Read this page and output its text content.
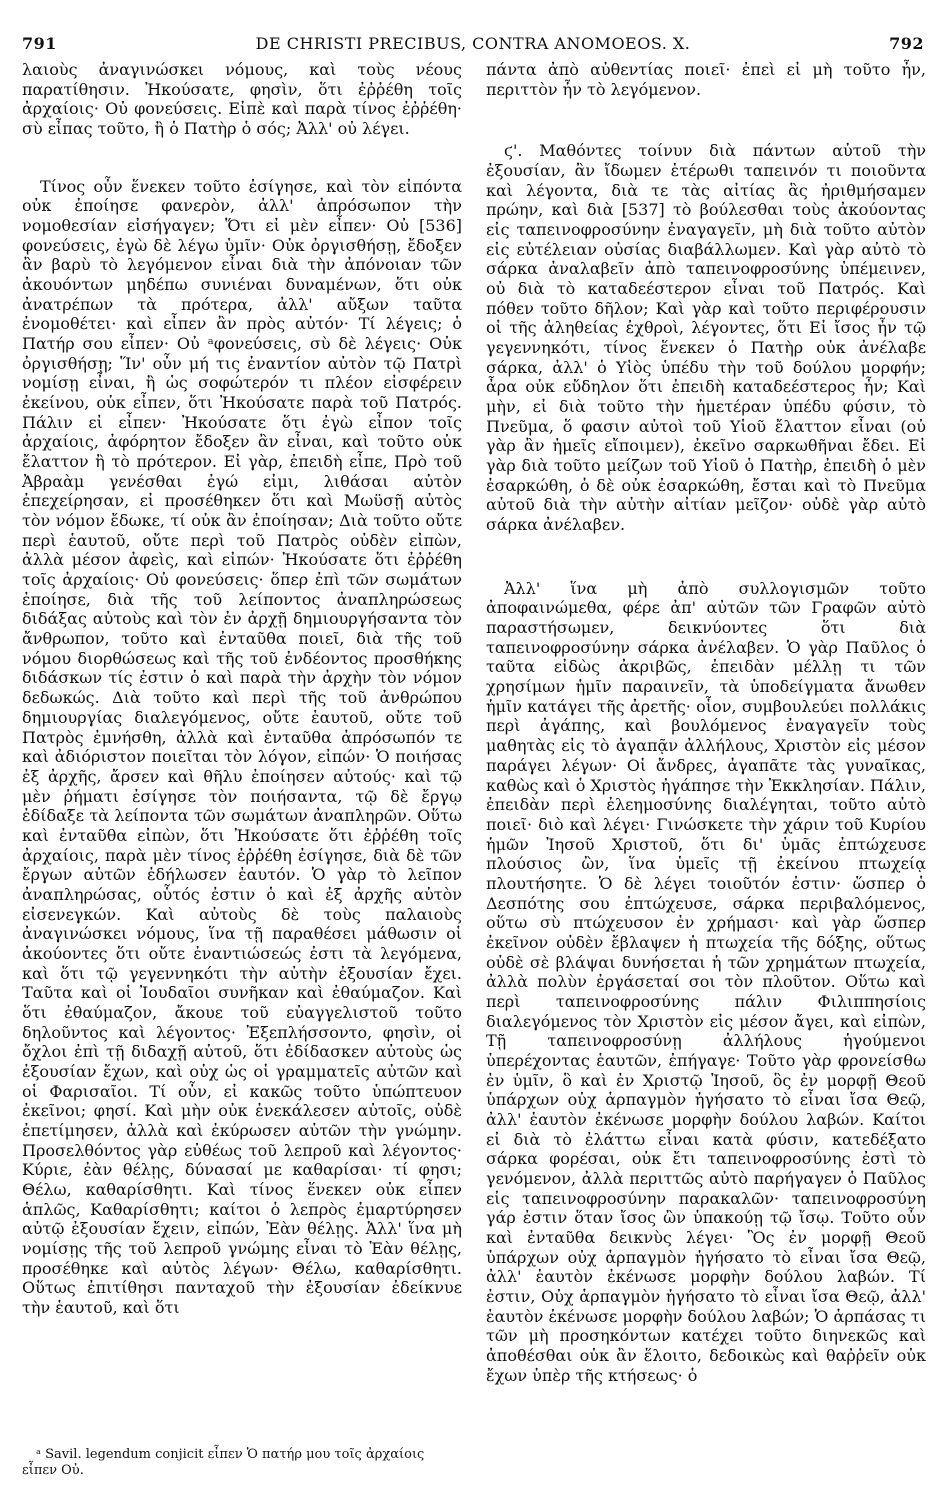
791	DE CHRISTI PRECIBUS, CONTRA ANOMOEOS. X.	792

λαιοὺς ἀναγινώσκει νόμους, καὶ τοὺς νέους παρατίθησιν. Ἠκούσατε, φησὶν, ὅτι ἐῤῥέθη τοῖς ἀρχαίοις· Οὐ φονεύσεις. Εἰπὲ καὶ παρὰ τίνος ἐῤῥέθη· σὺ εἶπας τοῦτο, ἢ ὁ Πατὴρ ὁ σός; Ἀλλ' οὐ λέγει.

Τίνος οὖν ἕνεκεν τοῦτο ἐσίγησε, καὶ τὸν εἰπόντα οὐκ ἐποίησε φανερὸν, ἀλλ' ἀπρόσωπον τὴν νομοθεσίαν εἰσήγαγεν; Ὅτι εἰ μὲν εἶπεν· Οὐ [536] φονεύσεις, ἐγὼ δὲ λέγω ὑμῖν· Οὐκ ὀργισθήσῃ, ἔδοξεν ἂν βαρὺ τὸ λεγόμενον εἶναι διὰ τὴν ἀπόνοιαν τῶν ἀκουόντων μηδέπω συνιέναι δυναμένων, ὅτι οὐκ ἀνατρέπων τὰ πρότερα, ἀλλ' αὔξων ταῦτα ἐνομοθέτει· καὶ εἶπεν ἂν πρὸς αὐτόν· Τί λέγεις; ὁ Πατήρ σου εἶπεν· Οὐ ᵃφονεύσεις, σὺ δὲ λέγεις· Οὐκ ὀργισθήσῃ; Ἵν' οὖν μή τις ἐναντίον αὐτὸν τῷ Πατρὶ νομίσῃ εἶναι, ἢ ὡς σοφώτερόν τι πλέον εἰσφέρειν ἐκείνου, οὐκ εἶπεν, ὅτι Ἠκούσατε παρὰ τοῦ Πατρός. Πάλιν εἰ εἶπεν· Ἠκούσατε ὅτι ἐγὼ εἶπον τοῖς ἀρχαίοις, ἀφόρητον ἔδοξεν ἂν εἶναι, καὶ τοῦτο οὐκ ἔλαττον ἢ τὸ πρότερον. Εἰ γὰρ, ἐπειδὴ εἶπε, Πρὸ τοῦ Ἀβραὰμ γενέσθαι ἐγώ εἰμι, λιθάσαι αὐτὸν ἐπεχείρησαν, εἰ προσέθηκεν ὅτι καὶ Μωϋσῇ αὐτὸς τὸν νόμον ἔδωκε, τί οὐκ ἂν ἐποίησαν; Διὰ τοῦτο οὔτε περὶ ἑαυτοῦ, οὔτε περὶ τοῦ Πατρὸς οὐδὲν εἰπὼν, ἀλλὰ μέσον ἀφεὶς, καὶ εἰπών· Ἠκούσατε ὅτι ἐῤῥέθη τοῖς ἀρχαίοις· Οὐ φονεύσεις· ὅπερ ἐπὶ τῶν σωμάτων ἐποίησε, διὰ τῆς τοῦ λείποντος ἀναπληρώσεως διδάξας αὐτοὺς καὶ τὸν ἐν ἀρχῇ δημιουργήσαντα τὸν ἄνθρωπον, τοῦτο καὶ ἐνταῦθα ποιεῖ, διὰ τῆς τοῦ νόμου διορθώσεως καὶ τῆς τοῦ ἐνδέοντος προσθήκης διδάσκων τίς ἐστιν ὁ καὶ παρὰ τὴν ἀρχὴν τὸν νόμον δεδωκώς. Διὰ τοῦτο καὶ περὶ τῆς τοῦ ἀνθρώπου δημιουργίας διαλεγόμενος, οὔτε ἑαυτοῦ, οὔτε τοῦ Πατρὸς ἐμνήσθη, ἀλλὰ καὶ ἐνταῦθα ἀπρόσωπόν τε καὶ ἀδιόριστον ποιεῖται τὸν λόγον, εἰπών· Ὁ ποιήσας ἐξ ἀρχῆς, ἄρσεν καὶ θῆλυ ἐποίησεν αὐτούς· καὶ τῷ μὲν ῥήματι ἐσίγησε τὸν ποιήσαντα, τῷ δὲ ἔργῳ ἐδίδαξε τὰ λείποντα τῶν σωμάτων ἀναπληρῶν. Οὕτω καὶ ἐνταῦθα εἰπὼν, ὅτι Ἠκούσατε ὅτι ἐῤῥέθη τοῖς ἀρχαίοις, παρὰ μὲν τίνος ἐῤῥέθη ἐσίγησε, διὰ δὲ τῶν ἔργων αὐτῶν ἐδήλωσεν ἑαυτόν. Ὁ γὰρ τὸ λεῖπον ἀναπληρώσας, οὗτός ἐστιν ὁ καὶ ἐξ ἀρχῆς αὐτὸν εἰσενεγκών. Καὶ αὐτοὺς δὲ τοὺς παλαιοὺς ἀναγινώσκει νόμους, ἵνα τῇ παραθέσει μάθωσιν οἱ ἀκούοντες ὅτι οὔτε ἐναντιώσεώς ἐστι τὰ λεγόμενα, καὶ ὅτι τῷ γεγεννηκότι τὴν αὐτὴν ἐξουσίαν ἔχει. Ταῦτα καὶ οἱ Ἰουδαῖοι συνῆκαν καὶ ἐθαύμαζον. Καὶ ὅτι ἐθαύμαζον, ἄκουε τοῦ εὐαγγελιστοῦ τοῦτο δηλοῦντος καὶ λέγοντος· Ἐξεπλήσσοντο, φησὶν, οἱ ὄχλοι ἐπὶ τῇ διδαχῇ αὐτοῦ, ὅτι ἐδίδασκεν αὐτοὺς ὡς ἐξουσίαν ἔχων, καὶ οὐχ ὡς οἱ γραμματεῖς αὐτῶν καὶ οἱ Φαρισαῖοι. Τί οὖν, εἰ κακῶς τοῦτο ὑπώπτευον ἐκεῖνοι; φησί. Καὶ μὴν οὐκ ἐνεκάλεσεν αὐτοῖς, οὐδὲ ἐπετίμησεν, ἀλλὰ καὶ ἐκύρωσεν αὐτῶν τὴν γνώμην. Προσελθόντος γὰρ εὐθέως τοῦ λεπροῦ καὶ λέγοντος· Κύριε, ἐὰν θέλῃς, δύνασαί με καθαρίσαι· τί φησι; Θέλω, καθαρίσθητι. Καὶ τίνος ἕνεκεν οὐκ εἶπεν ἁπλῶς, Καθαρίσθητι; καίτοι ὁ λεπρὸς ἐμαρτύρησεν αὐτῷ ἐξουσίαν ἔχειν, εἰπών, Ἐὰν θέλῃς. Ἀλλ' ἵνα μὴ νομίσῃς τῆς τοῦ λεπροῦ γνώμης εἶναι τὸ Ἐὰν θέλῃς, προσέθηκε καὶ αὐτὸς λέγων· Θέλω, καθαρίσθητι. Οὕτως ἐπιτίθησι πανταχοῦ τὴν ἐξουσίαν ἐδείκνυε τὴν ἑαυτοῦ, καὶ ὅτι

πάντα ἀπὸ αὐθεντίας ποιεῖ· ἐπεὶ εἰ μὴ τοῦτο ἦν, περιττὸν ἦν τὸ λεγόμενον.

ϛ'. Μαθόντες τοίνυν διὰ πάντων αὐτοῦ τὴν ἐξουσίαν, ἂν ἴδωμεν ἑτέρωθι ταπεινόν τι ποιοῦντα καὶ λέγοντα, διὰ τε τὰς αἰτίας ἃς ἠριθμήσαμεν πρώην, καὶ διὰ [537] τὸ βούλεσθαι τοὺς ἀκούοντας εἰς ταπεινοφροσύνην ἐναγαγεῖν, μὴ διὰ τοῦτο αὐτὸν εἰς εὐτέλειαν οὐσίας διαβάλλωμεν. Καὶ γὰρ αὐτὸ τὸ σάρκα ἀναλαβεῖν ἀπὸ ταπεινοφροσύνης ὑπέμεινεν, οὐ διὰ τὸ καταδεέστερον εἶναι τοῦ Πατρός. Καὶ πόθεν τοῦτο δῆλον; Καὶ γὰρ καὶ τοῦτο περιφέρουσιν οἱ τῆς ἀληθείας ἐχθροὶ, λέγοντες, ὅτι Εἰ ἴσος ἦν τῷ γεγεννηκότι, τίνος ἕνεκεν ὁ Πατὴρ οὐκ ἀνέλαβε σάρκα, ἀλλ' ὁ Υἱὸς ὑπέδυ τὴν τοῦ δούλου μορφήν; ἆρα οὐκ εὔδηλον ὅτι ἐπειδὴ καταδεέστερος ἦν; Καὶ μὴν, εἰ διὰ τοῦτο τὴν ἡμετέραν ὑπέδυ φύσιν, τὸ Πνεῦμα, ὅ φασιν αὐτοὶ τοῦ Υἱοῦ ἔλαττον εἶναι (οὐ γὰρ ἂν ἡμεῖς εἴποιμεν), ἐκεῖνο σαρκωθῆναι ἔδει. Εἰ γὰρ διὰ τοῦτο μείζων τοῦ Υἱοῦ ὁ Πατὴρ, ἐπειδὴ ὁ μὲν ἐσαρκώθη, ὁ δὲ οὐκ ἐσαρκώθη, ἔσται καὶ τὸ Πνεῦμα αὐτοῦ διὰ τὴν αὐτὴν αἰτίαν μεῖζον· οὐδὲ γὰρ αὐτὸ σάρκα ἀνέλαβεν.

Ἀλλ' ἵνα μὴ ἀπὸ συλλογισμῶν τοῦτο ἀποφαινώμεθα, φέρε ἀπ' αὐτῶν τῶν Γραφῶν αὐτὸ παραστήσωμεν, δεικνύοντες ὅτι διὰ ταπεινοφροσύνην σάρκα ἀνέλαβεν. Ὁ γὰρ Παῦλος ὁ ταῦτα εἰδὼς ἀκριβῶς, ἐπειδὰν μέλλῃ τι τῶν χρησίμων ἡμῖν παραινεῖν, τὰ ὑποδείγματα ἄνωθεν ἡμῖν κατάγει τῆς ἀρετῆς· οἷον, συμβουλεύει πολλάκις περὶ ἀγάπης, καὶ βουλόμενος ἐναγαγεῖν τοὺς μαθητὰς εἰς τὸ ἀγαπᾷν ἀλλήλους, Χριστὸν εἰς μέσον παράγει λέγων· Οἱ ἄνδρες, ἀγαπᾶτε τὰς γυναῖκας, καθὼς καὶ ὁ Χριστὸς ἠγάπησε τὴν Ἐκκλησίαν. Πάλιν, ἐπειδὰν περὶ ἐλεημοσύνης διαλέγηται, τοῦτο αὐτὸ ποιεῖ· διὸ καὶ λέγει· Γινώσκετε τὴν χάριν τοῦ Κυρίου ἡμῶν Ἰησοῦ Χριστοῦ, ὅτι δι' ὑμᾶς ἐπτώχευσε πλούσιος ὢν, ἵνα ὑμεῖς τῇ ἐκείνου πτωχείᾳ πλουτήσητε. Ὁ δὲ λέγει τοιοῦτόν ἐστιν· ὥσπερ ὁ Δεσπότης σου ἐπτώχευσε, σάρκα περιβαλόμενος, οὕτω σὺ πτώχευσον ἐν χρήμασι· καὶ γὰρ ὥσπερ ἐκεῖνον οὐδὲν ἔβλαψεν ἡ πτωχεία τῆς δόξης, οὕτως οὐδὲ σὲ βλάψαι δυνήσεται ἡ τῶν χρημάτων πτωχεία, ἀλλὰ πολὺν ἐργάσεταί σοι τὸν πλοῦτον. Οὕτω καὶ περὶ ταπεινοφροσύνης πάλιν Φιλιππησίοις διαλεγόμενος τὸν Χριστὸν εἰς μέσον ἄγει, καὶ εἰπὼν, Τῇ ταπεινοφροσύνῃ ἀλλήλους ἡγούμενοι ὑπερέχοντας ἑαυτῶν, ἐπήγαγε· Τοῦτο γὰρ φρονείσθω ἐν ὑμῖν, ὃ καὶ ἐν Χριστῷ Ἰησοῦ, ὃς ἐν μορφῇ Θεοῦ ὑπάρχων οὐχ ἁρπαγμὸν ἡγήσατο τὸ εἶναι ἴσα Θεῷ, ἀλλ' ἑαυτὸν ἐκένωσε μορφὴν δούλου λαβών. Καίτοι εἰ διὰ τὸ ἐλάττω εἶναι κατὰ φύσιν, κατεδέξατο σάρκα φορέσαι, οὐκ ἔτι ταπεινοφροσύνης ἐστὶ τὸ γενόμενον, ἀλλὰ περιττῶς αὐτὸ παρήγαγεν ὁ Παῦλος εἰς ταπεινοφροσύνην παρακαλῶν· ταπεινοφροσύνη γάρ ἐστιν ὅταν ἴσος ὢν ὑπακούῃ τῷ ἴσῳ. Τοῦτο οὖν καὶ ἐνταῦθα δεικνὺς λέγει· Ὃς ἐν μορφῇ Θεοῦ ὑπάρχων οὐχ ἁρπαγμὸν ἡγήσατο τὸ εἶναι ἴσα Θεῷ, ἀλλ' ἑαυτὸν ἐκένωσε μορφὴν δούλου λαβών. Τί ἐστιν, Οὐχ ἁρπαγμὸν ἡγήσατο τὸ εἶναι ἴσα Θεῷ, ἀλλ' ἑαυτὸν ἐκένωσε μορφὴν δούλου λαβών; Ὁ ἁρπάσας τι τῶν μὴ προσηκόντων κατέχει τοῦτο διηνεκῶς καὶ ἀποθέσθαι οὐκ ἂν ἕλοιτο, δεδοικὼς καὶ θαῤῥεῖν οὐκ ἔχων ὑπὲρ τῆς κτήσεως· ὁ

ᵃ Savil. legendum conjicit εἶπεν Ὁ πατήρ μου τοῖς ἀρχαίοις εἶπεν Οὐ.
